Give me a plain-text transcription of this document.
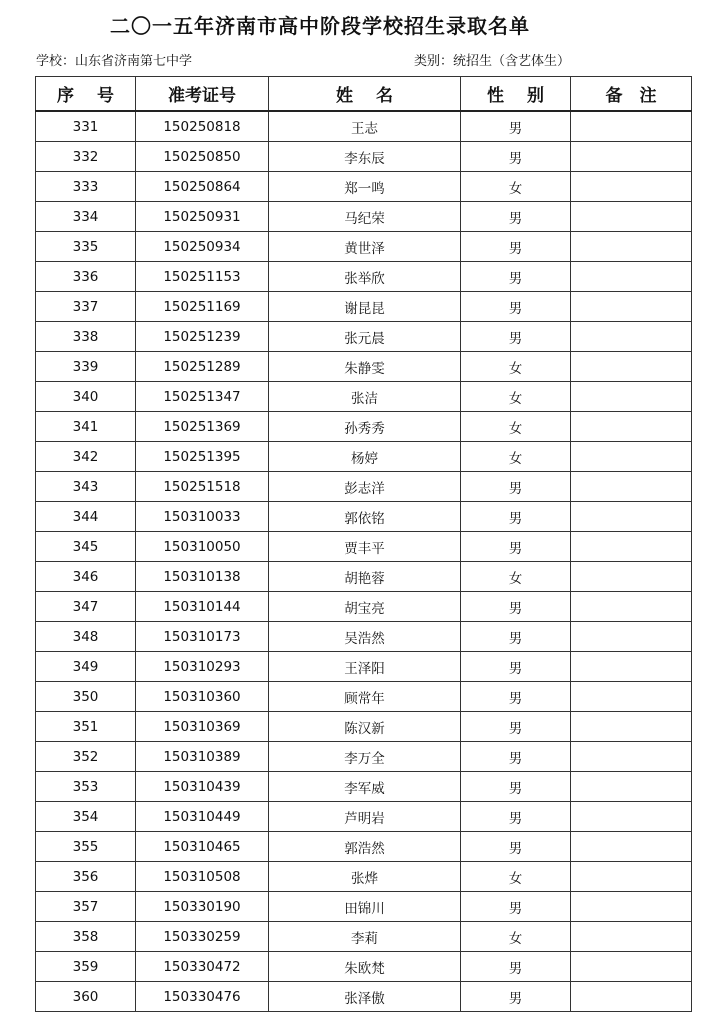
二〇一五年济南市高中阶段学校招生录取名单
学校：山东省济南第七中学	类别：统招生（含艺体生）
序　 号	准考证号	姓　 名	性　 别	备　注
331	150250818	王志	男	
332	150250850	李东辰	男	
333	150250864	郑一鸣	女	
334	150250931	马纪荣	男	
335	150250934	黄世泽	男	
336	150251153	张举欣	男	
337	150251169	谢昆昆	男	
338	150251239	张元晨	男	
339	150251289	朱静雯	女	
340	150251347	张洁	女	
341	150251369	孙秀秀	女	
342	150251395	杨婷	女	
343	150251518	彭志洋	男	
344	150310033	郭依铭	男	
345	150310050	贾丰平	男	
346	150310138	胡艳蓉	女	
347	150310144	胡宝亮	男	
348	150310173	吴浩然	男	
349	150310293	王泽阳	男	
350	150310360	顾常年	男	
351	150310369	陈汉新	男	
352	150310389	李万全	男	
353	150310439	李军威	男	
354	150310449	芦明岩	男	
355	150310465	郭浩然	男	
356	150310508	张烨	女	
357	150330190	田锦川	男	
358	150330259	李莉	女	
359	150330472	朱欧梵	男	
360	150330476	张泽傲	男	
